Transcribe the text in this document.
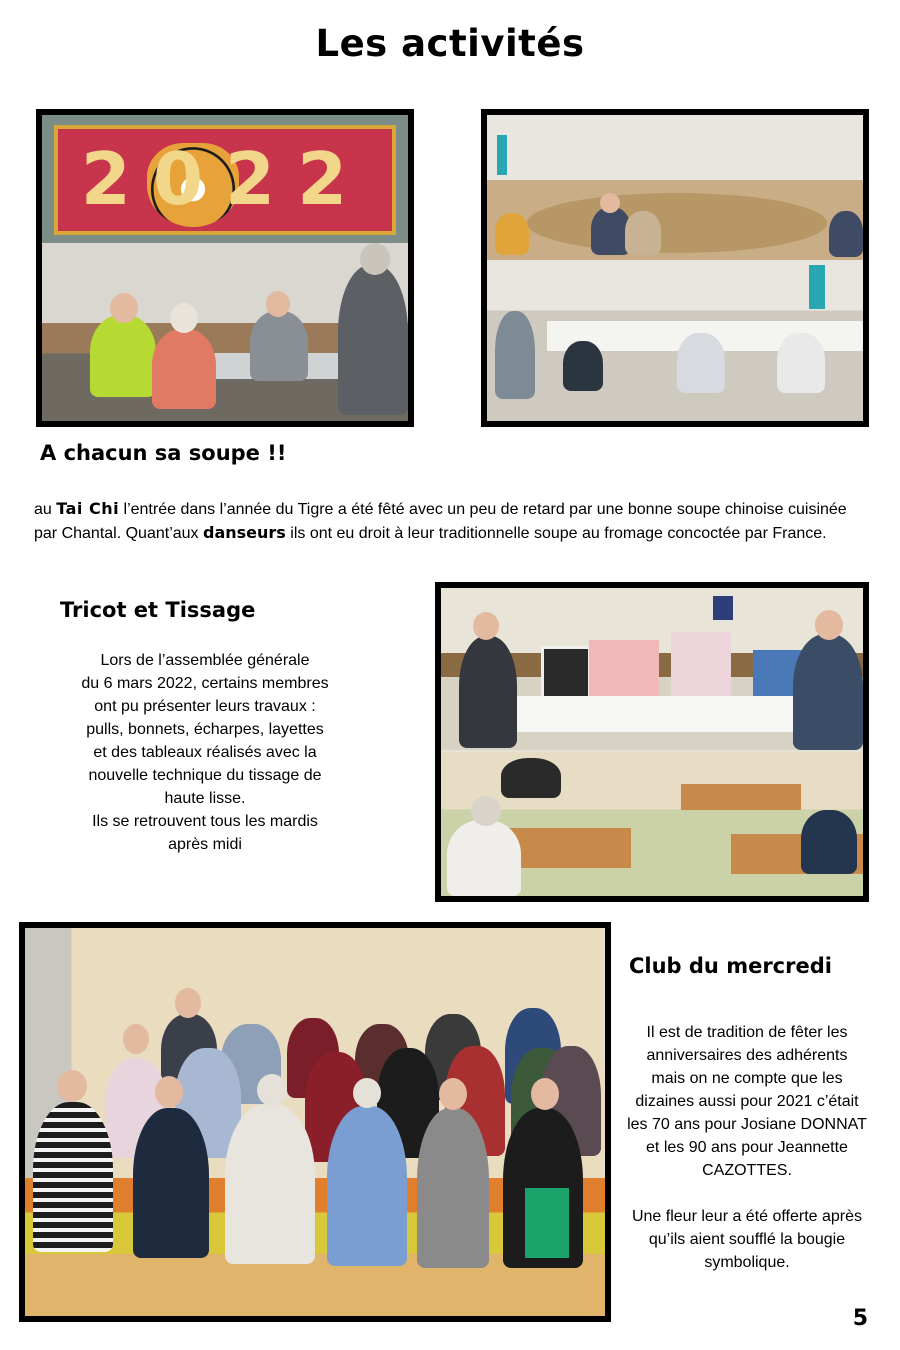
Les activités
2022
A chacun sa soupe !!
au Tai Chi l’entrée dans l’année du Tigre a été fêté avec un peu de retard par une bonne soupe chinoise cuisinée par Chantal. Quant’aux danseurs ils ont eu droit à leur traditionnelle soupe au fromage concoctée par France.
Tricot et Tissage
Lors de l’assemblée générale
du 6 mars 2022, certains membres
ont pu présenter leurs travaux :
pulls, bonnets, écharpes, layettes
et des tableaux réalisés avec la
nouvelle technique du tissage de
haute lisse.
Ils se retrouvent tous les mardis
après midi
Club du mercredi
Il est de tradition de fêter les
anniversaires des adhérents
mais on ne compte que les
dizaines aussi pour 2021 c’était
les 70 ans pour Josiane DONNAT
et les 90 ans pour Jeannette
CAZOTTES.
Une fleur leur a été offerte après
qu’ils aient soufflé la bougie
symbolique.
5
